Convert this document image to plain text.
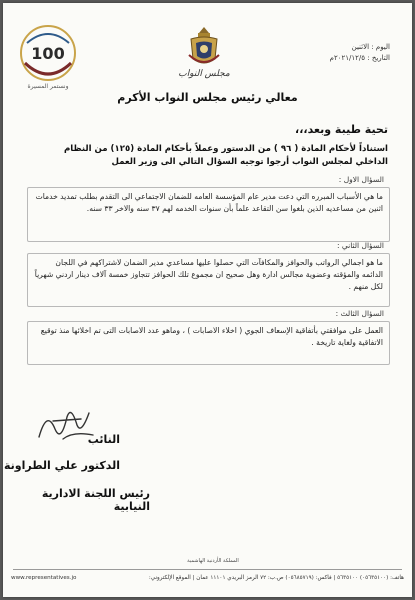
100
ونستمر المسيرة
مجلس النواب
اليوم : الاثنين
التاريخ : ٢٠٢١/١٢/٥م
معالي رئيس مجلس النواب الأكرم
تحية طيبة وبعد،،،
استناداً لأحكام المادة ( ٩٦ ) من الدستور وعملاً بأحكام المادة (١٢٥) من النظام الداخلي لمجلس النواب أرجوا توجيه السؤال التالي الى وزير العمل
السؤال الاول :
ما هي الأسباب المبرره التي دعت مدير عام المؤسسة العامه للضمان الاجتماعي الى التقدم بطلب تمديد خدمات اثنين من مساعديه الذين بلغوا سن التقاعد علماً بأن سنوات الخدمه لهم ٣٧ سنه والاخر ٣٣ سنه.
السؤال الثاني :
ما هو اجمالي الرواتب والحوافز والمكافآت التي حصلوا عليها مساعدي مدير الضمان لاشتراكهم في اللجان الدائمه والمؤقته وعضوية مجالس ادارة وهل صحيح ان مجموع تلك الحوافز تتجاوز خمسة آلاف دينار اردني شهرياً لكل منهم .
السؤال الثالث :
العمل على موافقتي بأتفاقية الإسعاف الجوي ( اخلاء الاصابات ) ، وماهو عدد الاصابات التى تم اخلائها منذ توقيع الاتفاقية ولغاية تاريخة .
النائب
الدكتور علي الطراونة
رئيس اللجنة الادارية النيابية
المملكة الأردنية الهاشمية
www.representatives.jo	هاتف: (٠٥٦٣٥١٠٠) ٥٦٣٥١٠٠ | فاكس: (٠٥٦٨٥٧١٩) ص.ب: ٧٢ الرمز البريدي ١١١٠١ عمان | الموقع الإلكتروني:
